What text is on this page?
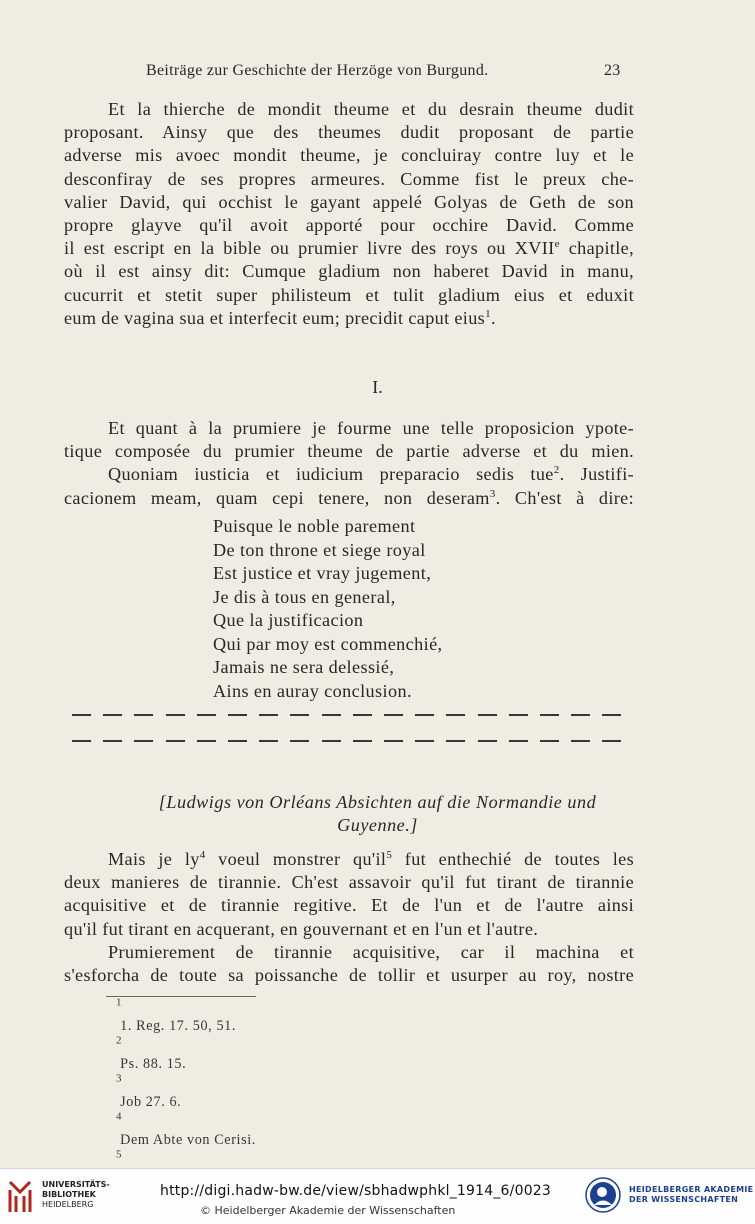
Beiträge zur Geschichte der Herzöge von Burgund.	23
Et la thierche de mondit theume et du desrain theume dudit
proposant. Ainsy que des theumes dudit proposant de partie
adverse mis avoec mondit theume, je concluiray contre luy et le
desconfiray de ses propres armeures. Comme fist le preux che-
valier David, qui occhist le gayant appelé Golyas de Geth de son
propre glayve qu'il avoit apporté pour occhire David. Comme
il est escript en la bible ou prumier livre des roys ou XVIIe chapitle,
où il est ainsy dit: Cumque gladium non haberet David in manu,
cucurrit et stetit super philisteum et tulit gladium eius et eduxit
eum de vagina sua et interfecit eum; precidit caput eius$^1$.
I.
Et quant à la prumiere je fourme une telle proposicion ypote-
tique composée du prumier theume de partie adverse et du mien.
Quoniam iusticia et iudicium preparacio sedis tue$^2$. Justifi-
cacionem meam, quam cepi tenere, non deseram$^3$. Ch'est à dire:
Puisque le noble parement
De ton throne et siege royal
Est justice et vray jugement,
Je dis à tous en general,
Que la justificacion
Qui par moy est commenchié,
Jamais ne sera delessié,
Ains en auray conclusion.
[Ludwigs von Orléans Absichten auf die Normandie und
Guyenne.]
Mais je $ly^4$ voeul monstrer $qu'il^5$ fut enthechié de toutes les
deux manieres de tirannie. Ch'est assavoir qu'il fut tirant de tirannie
acquisitive et de tirannie regitive. Et de l'un et de l'autre ainsi
qu'il fut tirant en acquerant, en gouvernant et en l'un et l'autre.
Prumierement de tirannie acquisitive, car il machina et
s'esforcha de toute sa poissanche de tollir et usurper au roy, nostre
$^1$
1. Reg. 17. 50, 51.
$^2$
Ps. 88. 15.
$^3$
Job 27. 6.
$^4$
Dem Abte von Cerisi.
$^5$
UNIVERSITÄTS-
BIBLIOTHEK
HEIDELBERG
http://digi.hadw-bw.de/view/sbhadwphkl_1914_6/0023
© Heidelberger Akademie der Wissenschaften
HEIDELBERGER AKADEMIE
DER WISSENSCHAFTEN
